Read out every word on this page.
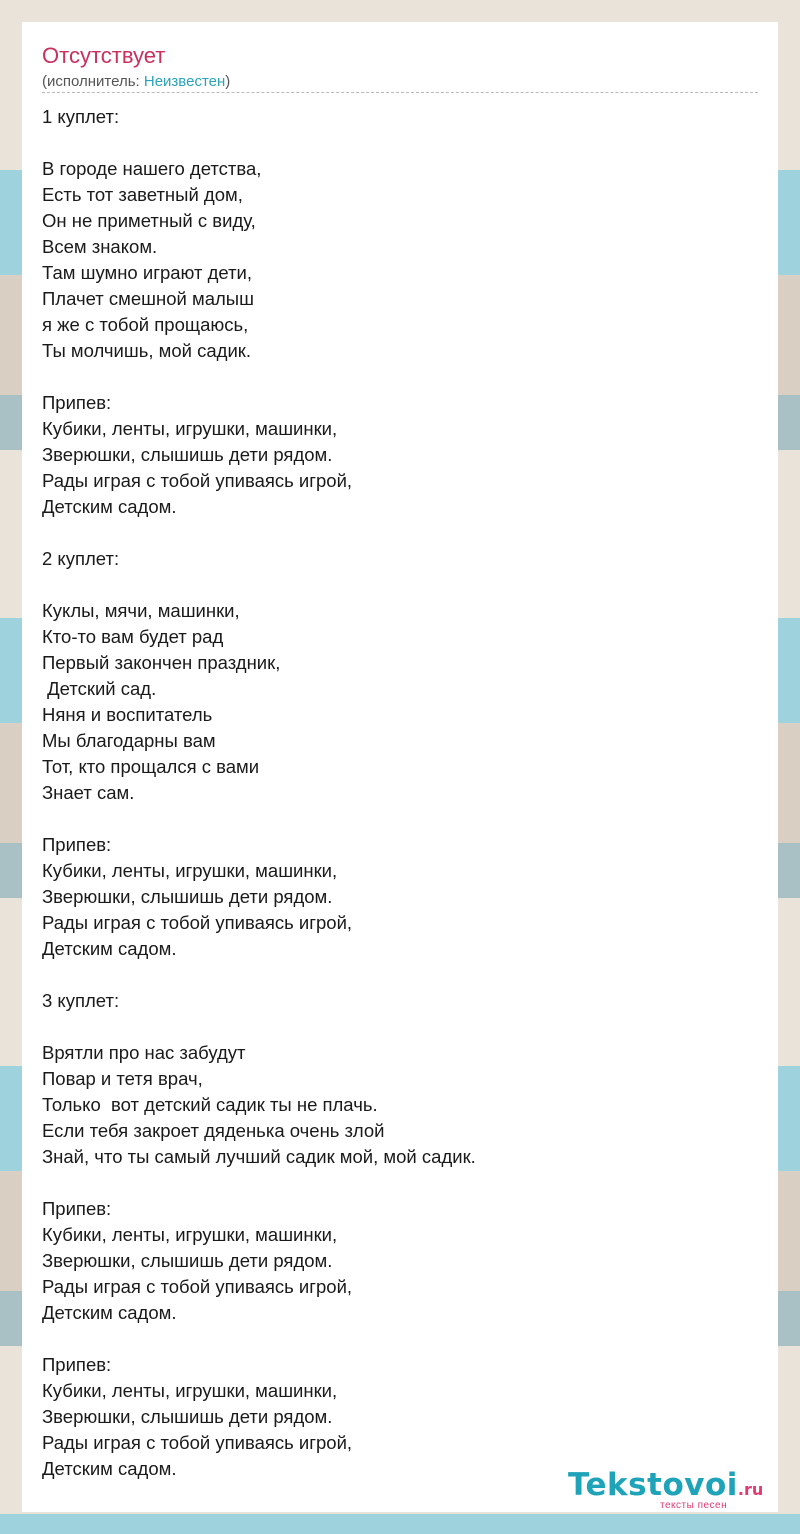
Отсутствует
(исполнитель: Неизвестен)
1 куплет:
В городе нашего детства,
Есть тот заветный дом,
Он не приметный с виду,
Всем знаком.
Там шумно играют дети,
Плачет смешной малыш
я же с тобой прощаюсь,
Ты молчишь, мой садик.
Припев:
Кубики, ленты, игрушки, машинки,
Зверюшки, слышишь дети рядом.
Рады играя с тобой упиваясь игрой,
Детским садом.
2 куплет:
Куклы, мячи, машинки,
Кто-то вам будет рад
Первый закончен праздник,
Детский сад.
Няня и воспитатель
Мы благодарны вам
Тот, кто прощался с вами
Знает сам.
Припев:
Кубики, ленты, игрушки, машинки,
Зверюшки, слышишь дети рядом.
Рады играя с тобой упиваясь игрой,
Детским садом.
3 куплет:
Врятли про нас забудут
Повар и тетя врач,
Только  вот детский садик ты не плачь.
Если тебя закроет дяденька очень злой
Знай, что ты самый лучший садик мой, мой садик.
Припев:
Кубики, ленты, игрушки, машинки,
Зверюшки, слышишь дети рядом.
Рады играя с тобой упиваясь игрой,
Детским садом.
Припев:
Кубики, ленты, игрушки, машинки,
Зверюшки, слышишь дети рядом.
Рады играя с тобой упиваясь игрой,
Детским садом.	Tekstovoi.ru
тексты песен
